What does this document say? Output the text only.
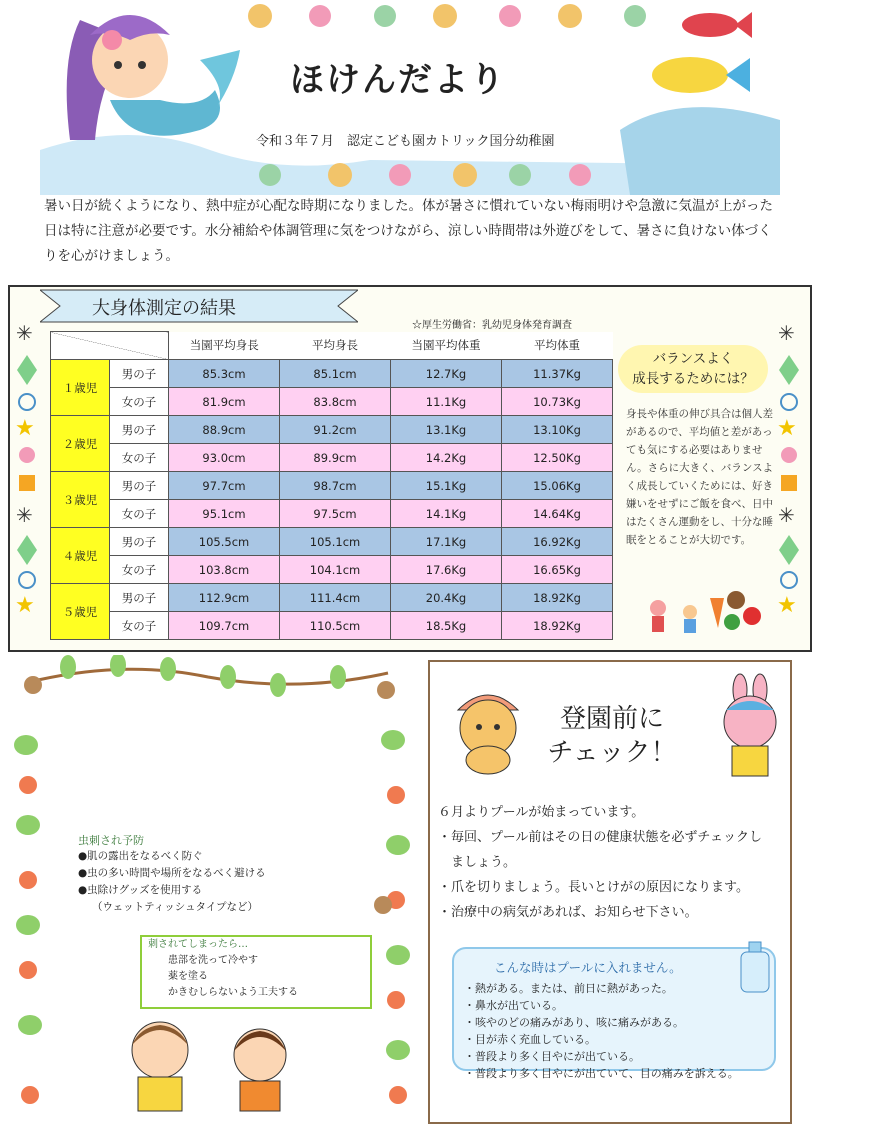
ほけんだより
令和３年７月　認定こども園カトリック国分幼稚園
暑い日が続くようになり、熱中症が心配な時期になりました。体が暑さに慣れていない梅雨明けや急激に気温が上がった日は特に注意が必要です。水分補給や体調管理に気をつけながら、涼しい時間帯は外遊びをして、暑さに負けない体づくりを心がけましょう。
大身体測定の結果
☆厚生労働省：乳幼児身体発育調査
		当園平均身長	平均身長	当園平均体重	平均体重
１歳児	男の子	85.3cm	85.1cm	12.7Kg	11.37Kg
	女の子	81.9cm	83.8cm	11.1Kg	10.73Kg
２歳児	男の子	88.9cm	91.2cm	13.1Kg	13.10Kg
	女の子	93.0cm	89.9cm	14.2Kg	12.50Kg
３歳児	男の子	97.7cm	98.7cm	15.1Kg	15.06Kg
	女の子	95.1cm	97.5cm	14.1Kg	14.64Kg
４歳児	男の子	105.5cm	105.1cm	17.1Kg	16.92Kg
	女の子	103.8cm	104.1cm	17.6Kg	16.65Kg
５歳児	男の子	112.9cm	111.4cm	20.4Kg	18.92Kg
	女の子	109.7cm	110.5cm	18.5Kg	18.92Kg
✳
★
✳
★
✳
★
✳
★
バランスよく
成長するためには？
身長や体重の伸び具合は個人差があるので、平均値と差があっても気にする必要はありません。さらに大きく、バランスよく成長していくためには、好き嫌いをせずにご飯を食べ、日中はたくさん運動をし、十分な睡眠をとることが大切です。
虫刺され予防
●肌の露出をなるべく防ぐ
●虫の多い時間や場所をなるべく避ける
●虫除けグッズを使用する
（ウェットティッシュタイプなど）
刺されてしまったら…
患部を洗って冷やす
薬を塗る
かきむしらないよう工夫する
登園前に
チェック！
６月よりプールが始まっています。
・毎回、プール前はその日の健康状態を必ずチェックし
　ましょう。
・爪を切りましょう。長いとけがの原因になります。
・治療中の病気があれば、お知らせ下さい。
こんな時はプールに入れません。
・熱がある。または、前日に熱があった。
・鼻水が出ている。
・咳やのどの痛みがあり、咳に痛みがある。
・目が赤く充血している。
・普段より多く目やにが出ている。
・普段より多く目やにが出ていて、目の痛みを訴える。
